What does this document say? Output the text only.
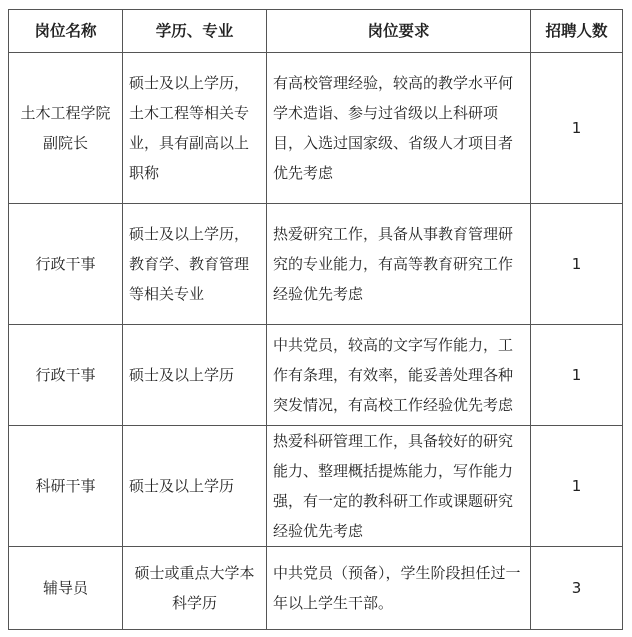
岗位名称	学历、专业	岗位要求	招聘人数
土木工程学院副院长	硕士及以上学历，土木工程等相关专业，具有副高以上职称	有高校管理经验，较高的教学水平何学术造诣、参与过省级以上科研项目，入选过国家级、省级人才项目者优先考虑	1
行政干事	硕士及以上学历，教育学、教育管理等相关专业	热爱研究工作，具备从事教育管理研究的专业能力，有高等教育研究工作经验优先考虑	1
行政干事	硕士及以上学历	中共党员，较高的文字写作能力，工作有条理，有效率，能妥善处理各种突发情况，有高校工作经验优先考虑	1
科研干事	硕士及以上学历	热爱科研管理工作，具备较好的研究能力、整理概括提炼能力，写作能力强，有一定的教科研工作或课题研究经验优先考虑	1
辅导员	硕士或重点大学本科学历	中共党员（预备），学生阶段担任过一年以上学生干部。	3
